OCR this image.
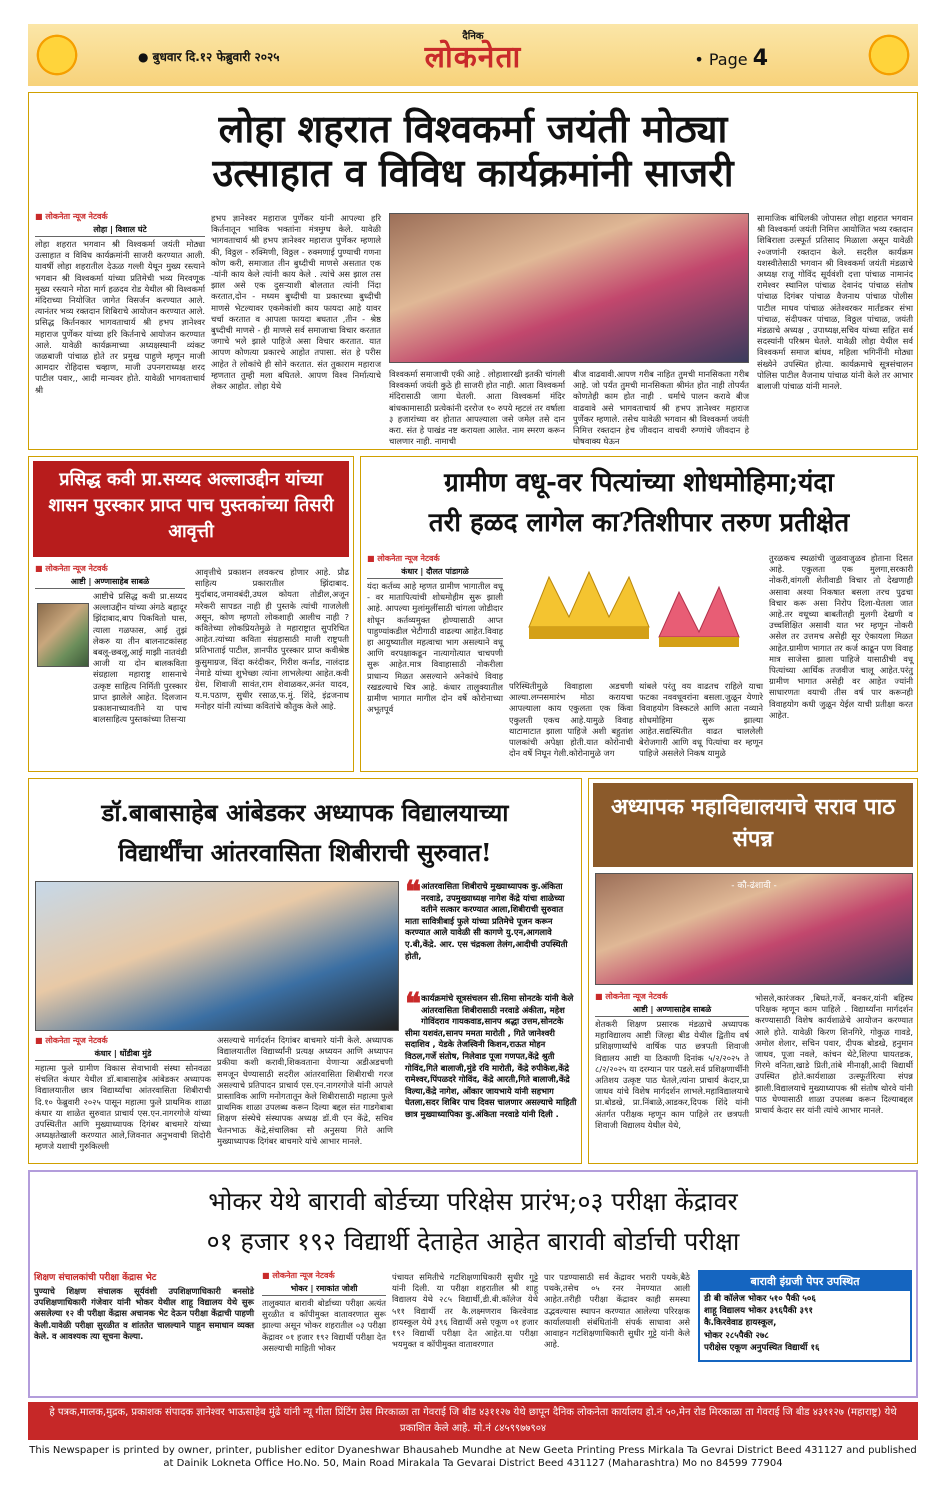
● बुधवार दि.१२ फेब्रुवारी २०२५
दैनिक
लोकनेता	• Page 4
लोहा शहरात विश्वकर्मा जयंती मोठ्या
उत्साहात व विविध कार्यक्रमांनी साजरी
■ लोकनेता न्यूज नेटवर्क
लोहा | विशाल घंटे
लोहा शहरात भगवान श्री विश्वकर्मा जयंती मोठ्या उत्साहात व विविध कार्यक्रमांनी साजरी करण्यात आली. यावर्षी लोहा शहरातील देऊळ गल्ली येथून मुख्य रस्त्याने भगवान श्री विश्वकर्मा यांच्या प्रतिमेची भव्य मिरवणूक मुख्य रस्त्याने मोठा मार्ग हळदव रोड येथील श्री विश्वकर्मा मंदिराच्या नियोजित जागेत विसर्जन करण्यात आले. त्यानंतर भव्य रक्तदान शिबिराचे आयोजन करण्यात आले. प्रसिद्ध किर्तनकार भागवताचार्य श्री हभप ज्ञानेश्वर महाराज पुर्णेकर यांच्या हरि किर्तनाचे आयोजन करण्यात आले. यावेळी कार्यक्रमाच्या अध्यक्षस्थानी व्यंकट जळबाजी पांचाळ होते तर प्रमुख पाहुणे म्हणून माजी आमदार रोहिदास चव्हाण, माजी उपनगराध्यक्ष शरद पाटील पवार,, आदी मान्यवर होते. यावेळी भागवताचार्य श्री
हभप ज्ञानेश्वर महाराज पुर्णेकर यांनी आपल्या हरि किर्तनातून भाविक भक्तांना मंत्रमुग्ध केले. यावेळी भागवताचार्य श्री हभप ज्ञानेश्वर महाराज पुर्णेकर म्हणाले की, विठ्ठल - रुक्मिणी, विठ्ठल - रुक्मणाई पुण्याची गणना कोण करी, समाजात तीन बुध्दीची माणसे असतात एक -यांनी काय केले त्यांनी काय केले . त्यांचे अस झाल तस झाल असे एक दुसऱ्याशी बोलतात त्यांनी निंदा करतात,दोन - मध्यम बुध्दीची या प्रकारच्या बुध्दीची माणसे भेटल्यावर एकमेकांशी काय फायदा आहे यावर चर्चा करतात व आपला फायदा बघतात ,तीन - श्रेष्ठ बुध्दीची माणसे - ही माणसे सर्व समाजाचा विचार करतात जगाचे भले झाले पाहिजे असा विचार करतात. यात आपण कोणत्या प्रकारचे आहोत तपासा. संत हे परीस आहेत ते लोकांचे ही सोने करतात. संत तुकाराम महाराज म्हणतात तुम्ही मला बघितले. आपण विश्व निर्मात्याचे लेकर आहोत. लोहा येथे
विश्वकर्मा समाजाची एकी आहे . लोहाशारखी इतकी चांगली विश्वकर्मा जयंती कुठे ही साजरी होत नाही. आता विश्वकर्मा मंदिरासाठी जागा घेतली. आता विश्वकर्मा मंदिर बांधकामासाठी प्रत्येकांनी दररोज १० रुपये म्हटलं तर वर्षाला ३ हजारांच्या वर होतात आपल्याला जसे जमेल तसे दान करा. संत हे पाखंड नष्ट करायला आलेत. नाम स्मरण करून चालणार नाही. नामाची
बीज वाढवावी.आपण गरीब नाहित तुमची मानसिकता गरीब आहे. जो पर्यंत तुमची मानसिकता श्रीमंत होत नाही तोपर्यंत कोणतेही काम होत नाही . धर्माचे पालन करावे बीज वाढवावे असे भागवताचार्य श्री हभप ज्ञानेश्वर महाराज पुर्णेकर म्हणाले. तसेच यावेळी भगवान श्री विश्वकर्मा जयंती निमित्त रक्तदान हेच जीवदान वाचवी रुग्णांचे जीवदान हे घोषवाक्य घेऊन
सामाजिक बांधिलकी जोपासत लोहा शहरात भगवान श्री विश्वकर्मा जयंती निमित्त आयोजित भव्य रक्तदान शिबिराला उत्स्फूर्त प्रतिसाद मिळाला असून यावेळी २०जणांनी रक्तदान केले. सदरील कार्यक्रम यशस्वीतेसाठी भगवान श्री विश्वकर्मा जयंती मंडळाचे अध्यक्ष राजू गोविंद सूर्यवंशी दत्ता पांचाळ नामानंद रामेश्वर स्थानिल पांचाळ देवानंद पांचाळ संतोष पांचाळ दिगंबर पांचाळ वैजनाथ पांचाळ पोलीस पाटील माधव पांचाळ अंतेश्वरकर मार्तंडकर संभा पांचाळ, संदीपकर पांचाळ, विठ्ठल पांचाळ, जयंती मंडळाचे अध्यक्ष , उपाध्यक्ष,सचिव यांच्या सहित सर्व सदस्यांनी परिश्रम घेतले. यावेळी लोहा येथील सर्व विश्वकर्मा समाज बांधव, महिला भगिनींनी मोठ्या संख्येने उपस्थित होत्या. कार्यक्रमाचे सूत्रसंचालन पोलिस पाटील वैजनाथ पांचाळ यांनी केले तर आभार बालाजी पांचाळ यांनी मानले.
प्रसिद्ध कवी प्रा.सय्यद अल्लाउद्दीन यांच्या शासन पुरस्कार प्राप्त पाच पुस्तकांच्या तिसरी आवृत्ती
■ लोकनेता न्यूज नेटवर्क
आष्टी | अण्णासाहेब साबळे
आष्टीचे प्रसिद्ध कवी प्रा.सय्यद अल्लाउद्दीन यांच्या अंगठे बहादूर झिंदाबाद,बाप पिकवितो घास, त्याला गळफास, आई तुझं लेकरु या तीन बालनाटकांसह बबलू-छबलू,आई माझी नातवंडी आजी या दोन बालकविता संग्रहाला महाराष्ट्र शासनाचे उत्कृष्ट साहित्य निर्मिती पुरस्कार प्राप्त झालेले आहेत. दिलजान प्रकाशनाच्यावतीने या पाच बालसाहित्य पुस्तकांच्या तिसऱ्या
आवृत्तीचे प्रकाशन लवकरच होणार आहे. प्रौढ साहित्य प्रकारातील झिंदाबाद. मुर्दाबाद,जमावबंदी,उघल कोयता तोडील,अजून मरेकरी सापडत नाही ही पुस्तके त्यांची गाजलेली असून, कोण म्हणतो लोकशाही आलीच नाही ? कवितेच्या लोकप्रियतेमुळे ते महाराष्ट्रात सुपरिचित आहेत.त्यांच्या कविता संग्रहासाठी माजी राष्ट्रपती प्रतिभाताई पाटील, ज्ञानपीठ पुरस्कार प्राप्त कवीश्रेष्ठ कुसुमाग्रज, विंदा करंदीकर, गिरीश कर्नाड, नालंदाड नेमाडे यांच्या शुभेच्छा त्यांना लाभलेल्या आहेत.कवी ग्रेस, शिवाजी सावंत,राम शेवाळकर,अनंत यादव, य.म.पठाण, सुधीर रसाळ,फ.मुं. शिंदे, इंद्रजनाथ मनोहर यांनी त्यांच्या कवितांचे कौतुक केले आहे.
ग्रामीण वधू-वर पित्यांच्या शोधमोहिमा;यंदा
तरी हळद लागेल का?तिशीपार तरुण प्रतीक्षेत
■ लोकनेता न्यूज नेटवर्क
कंधार | दौलत पांडागळे
यंदा कर्तव्य आहे म्हणत ग्रामीण भागातील वधू - वर मातापित्यांची शोधमोहीम सुरू झाली आहे. आपल्या मुलांमुलींसाठी चांगला जोडीदार शोधून कर्तव्यमुक्त होण्यासाठी आप्त पाहुण्यांकडील भेटीगाठी वाढल्या आहेत.विवाह हा आयुष्यातील महत्वाचा भाग असल्याने वधू आणि वरपक्षाकडून नात्यागोत्यात चाचपणी सुरू आहेत.मात्र विवाहासाठी नोकरीला प्राधान्य मिळत असल्याने अनेकांचे विवाह रखडल्याचे चित्र आहे. कंधार तालुक्यातील ग्रामीण भागात मागील दोन वर्षे कोरोनाच्या अभूतपूर्व
परिस्थितीमुळे विवाहाला अडचणी आल्या.लग्नसमारंभ मोठा करायचा आपल्याला काय एकुलता एक किंवा एकुलती एकच आहे.यामुळे विवाह थाटामाटात झाला पाहिजे अशी बहुतांश पालकांची अपेक्षा होती.यात कोरोनाची दोन वर्षे निघून गेली.कोरोनामुळे जग
थांबले परंतु वय वाढतच राहिले याचा फटका नववधूवरांना बसला.जुळून येणारे विवाहयोग विस्कटले आणि आता नव्याने शोधमोहिमा सुरू झाल्या आहेत.सद्यस्थितीत वाढत चाललेली बेरोजगारी आणि वधू पित्यांचा वर म्हणून पाहिजे असलेले निकष यामुळे
तुरळकच स्थळांची जुळवाजुळव होताना दिसत आहे. एकुलता एक मुलगा,सरकारी नोकरी,वांगली शेतीवाडी विचार तो देखणाही असावा अश्या निकषात बसला तरच पुढचा विचार करू असा निरोप दिला-घेतला जात आहे.तर वधूच्या बाबतीतही मुलगी देखणी व उच्चशिक्षित असावी यात भर म्हणून नोकरी असेल तर उत्तमच असेही सूर ऐकायला मिळत आहेत.ग्रामीण भागात तर कर्ज काढून पण विवाह मात्र साजेसा झाला पाहिजे यासाठीची वधू पित्यांच्या आर्थिक तजवीज चालू आहेत.परंतु ग्रामीण भागात असेही वर आहेत ज्यांनी साधारणतः वयाची तीस वर्ष पार करूनही विवाहयोग कधी जुळून येईल याची प्रतीक्षा करत आहेत.
डॉ.बाबासाहेब आंबेडकर अध्यापक विद्यालयाच्या
विद्यार्थींचा आंतरवासिता शिबीराची सुरुवात!
■ लोकनेता न्यूज नेटवर्क
कंधार | धोंडीबा मुंडे
महात्मा फुले ग्रामीण विकास सेवाभावी संस्था सोनवळा संचलित कंधार येथील डॉ.बाबासाहेब आंबेडकर अध्यापक विद्यालयातील छात्र विद्यार्थ्यांचा आंतरवासिता शिबीराची दि.१० फेब्रुवारी २०२५ पासून महात्मा फुले प्राथमिक शाळा कंधार या शाळेत सुरुवात प्राचार्य एस.एन.नागरगोजे यांच्या उपस्थितीत आणि मुख्याध्यापक दिगंबर बाचमारे यांच्या अध्यक्षतेखाली करण्यात आले,जिवनात अनुभवाची शिदोरी म्हणजे यशाची गुरुकिल्ली
असल्याचे मार्गदर्शन दिगांबर बाचमारे यांनी केले. अध्यापक विद्यालयातील विद्यार्थ्यांनी प्रत्यक्ष अध्ययन आणि अध्यापन प्रकीया कशी करावी,शिकवताना येणाऱ्या अडीअडचणी समजून घेण्यासाठी सदरील आंतरवासिता शिबीराची गरज असल्याचे प्रतिपादन प्राचार्य एस.एन.नागरगोजे यांनी आपले प्रास्ताविक आणि मनोगतातून केले शिबीरासाठी महात्मा फुले प्राथमिक शाळा उपलब्ध करून दिल्या बद्दल संत गाडगेबाबा शिक्षण संस्थेचे संस्थापक अध्यक्ष डॉ.वी एन केंद्रे, सचिव चेतनभाऊ केंद्रे,संचालिका सौ अनुसया गिते आणि मुख्याध्यापक दिगंबर बाचमारे यांचे आभार मानले.
❝ आंतरवासिता शिबीराचे मुख्याध्यापक कु.अंकिता नरवाडे, उपमुख्याध्यक्ष नागेश केंद्रे यांचा शाळेच्या वतीने सत्कार करण्यात आला,शिबीराची सुरुवात माता सावित्रीबाई फुले यांच्या प्रतिमेचे पूजन करून करण्यात आले यावेळी सी कागणे यु.एन,आगलावे ए.बी,केंद्रे. आर. एस चंद्रकला तेलंग,आदीची उपस्थिती होती,
❝ कार्यक्रमांचे सूत्रसंचलन सी.सिमा सोनटके यांनी केले आंतरवासिता शिबीरासाठी नरवाडे अंकीता, महेश गोविंदराव गायकवाड,सानप श्रद्धा उत्तम,सोनटके सीमा यशवंत,सानप ममता मारोती , गिते जानेश्वरी सदाशिव , येडके तेजस्विनी किशन,राऊत मोहन विठल,गर्जे संतोष, निलेवाड पूजा गणपत,केंद्रे श्रुती गोविंद,गिते बालाजी,मुंडे रवि मारोती, केंद्रे रुपीकेश,केंद्रे रामेश्वर,पिंपळदरे गोविंद, केंद्रे आरती,गिते बालाजी,केंद्रे विल्या,केंद्रे नागेश, ओंकार जायभाये यांनी सहभाग घेतला,सदर शिबिर पाच दिवस चालणार असल्याचे माहिती छात्र मुख्याध्यापिका कु.अंकिता नरवाडे यांनी दिली .
अध्यापक महाविद्यालयाचे सराव पाठ संपन्न
- कौ-ढंशावी -
■ लोकनेता न्यूज नेटवर्क
आष्टी | अण्णासाहेब साबळे
शेतकरी शिक्षण प्रसारक मंडळाचे अध्यापक महाविद्यालय आष्टी जिल्हा बीड येथील द्वितीय वर्ष प्रशिक्षणार्थ्यांचे वार्षिक पाठ छत्रपती शिवाजी विद्यालय आष्टी या ठिकाणी दिनांक ५/२/२०२५ ते ८/२/२०२५ या दरम्यान पार पडले.सर्व प्रशिक्षणार्थींनी अतिशय उत्कृष्ट पाठ घेतले,त्यांना प्राचार्य केदार,प्रा जाधव यांचे विशेष मार्गदर्शन लाभले.महाविद्यालयाचे प्रा.बोडखे, प्रा.निंबाळे,आडकर,दिपक शिंदे यांनी अंतर्गत परीक्षक म्हणून काम पाहिले तर छत्रपती शिवाजी विद्यालय येथील येथे,
भोसले,कारंजकर ,बिघते,गर्जे, बनकर,यांनी बहिस्थ परिक्षक म्हणून काम पाहिले . विद्यार्थ्यांना मार्गदर्शन करण्यासाठी विशेष कार्यशाळेचे आयोजन करण्यात आले होते. यावेळी किरण शिनगिरे, गोकुळ गावडे, अमोल शेलार, सचिन पवार, दीपक बोडखे, हनुमान जाधव, पूजा नवले, कांचन थेटे,शिल्पा घायतडक, गिरमे वनिता,खाडे प्रिती,तांबे मीनाक्षी,आदी विद्यार्थी उपस्थित होते.कार्यशाळा उत्स्फूर्तरित्या संपन्न झाली.विद्यालयाचे मुख्याध्यापक श्री संतोष थोरवे यांनी पाठ घेण्यासाठी शाळा उपलब्ध करून दिल्याबद्दल प्राचार्य केदार सर यांनी त्यांचे आभार मानले.
भोकर येथे बारावी बोर्डच्या परिक्षेस प्रारंभ;०३ परीक्षा केंद्रावर
०१ हजार १९२ विद्यार्थी देताहेत आहेत बारावी बोर्डाची परीक्षा
शिक्षण संचालकांची परीक्षा केंद्रास भेट
पुण्याचे शिक्षण संचालक सूर्यवंशी उपशिक्षणाधिकारी बनसोडे उपशिक्षणाधिकारी गंजेवार यांनी भोकर येथील शाहू विद्यालय येथे सुरू असलेल्या १२ वी परीक्षा केंद्रास अचानक भेट देऊन परीक्षा केंद्राची पाहणी केली.यावेळी परीक्षा सुरळीत व शांततेत चालल्याने पाहून समाधान व्यक्त केले. व आवश्यक त्या सूचना केल्या.
■ लोकनेता न्यूज नेटवर्क
भोकर | रमाकांत जोशी
तालुक्यात बारावी बोर्डाच्या परीक्षा अत्यंत सुरळीत व कॉपीमुक्त वातावरणात सुरू झाल्या असून भोकर शहरातील ०३ परीक्षा केंद्रावर ०१ हजार १९२ विद्यार्थी परीक्षा देत असल्याची माहिती भोकर
पंचायत समितीचे गटशिक्षणाधिकारी सुधीर गुट्टे यांनी दिली. या परीक्षा शहरातील श्री शाहू विद्यालय येथे २८५ विद्यार्थी,डी.बी.कॉलेज येथे ५११ विद्यार्थी तर कै.लक्ष्मणराव किरवेवाड हायस्कूल येथे ३९६ विद्यार्थी असे एकूण ०१ हजार १९२ विद्यार्थी परीक्षा देत आहेत.या परीक्षा भयमुक्त व कॉपीमुक्त वातावरणात
पार पडण्यासाठी सर्व केंद्रावर भरारी पथके,बैठे पथके,तसेच ०५ रनर नेमण्यात आली आहेत.तरीही परीक्षा केंद्रावर काही समस्या उद्भवल्यास स्थापन करण्यात आलेल्या परिरक्षक कार्यालयाशी संबंधितांनी संपर्क साधावा असे आवाहन गटशिक्षणाधिकारी सुधीर गुट्टे यांनी केले आहे.
बारावी इंग्रजी पेपर उपस्थित
डी बी कॉलेज भोकर ५१० पैकी ५०६
शाहू विद्यालय भोकर ३९६पैकी ३९१
कै.किरवेवाड हायस्कूल,
भोकर २८५पैकी २७८
परीक्षेस एकूण अनुपस्थित विद्यार्थी १६
हे पत्रक,मालक,मुद्रक, प्रकाशक संपादक ज्ञानेश्वर भाऊसाहेब मुंढे यांनी न्यू गीता प्रिंटिंग प्रेस मिरकाळा ता गेवराई जि बीड ४३११२७ येथे छापून दैनिक लोकनेता कार्यालय हो.नं ५०,मेन रोड मिरकाळा ता गेवराई जि बीड ४३११२७ (महाराष्ट्र) येथे प्रकाशित केले आहे. मो.नं ८४५९९७७९०४
This Newspaper is printed by owner, printer, publisher editor Dyaneshwar Bhausaheb Mundhe at New Geeta Printing Press Mirkala Ta Gevrai District Beed 431127 and published at Dainik Lokneta Office Ho.No. 50, Main Road Mirakala Ta Gevarai District Beed 431127 (Maharashtra) Mo no 84599 77904
